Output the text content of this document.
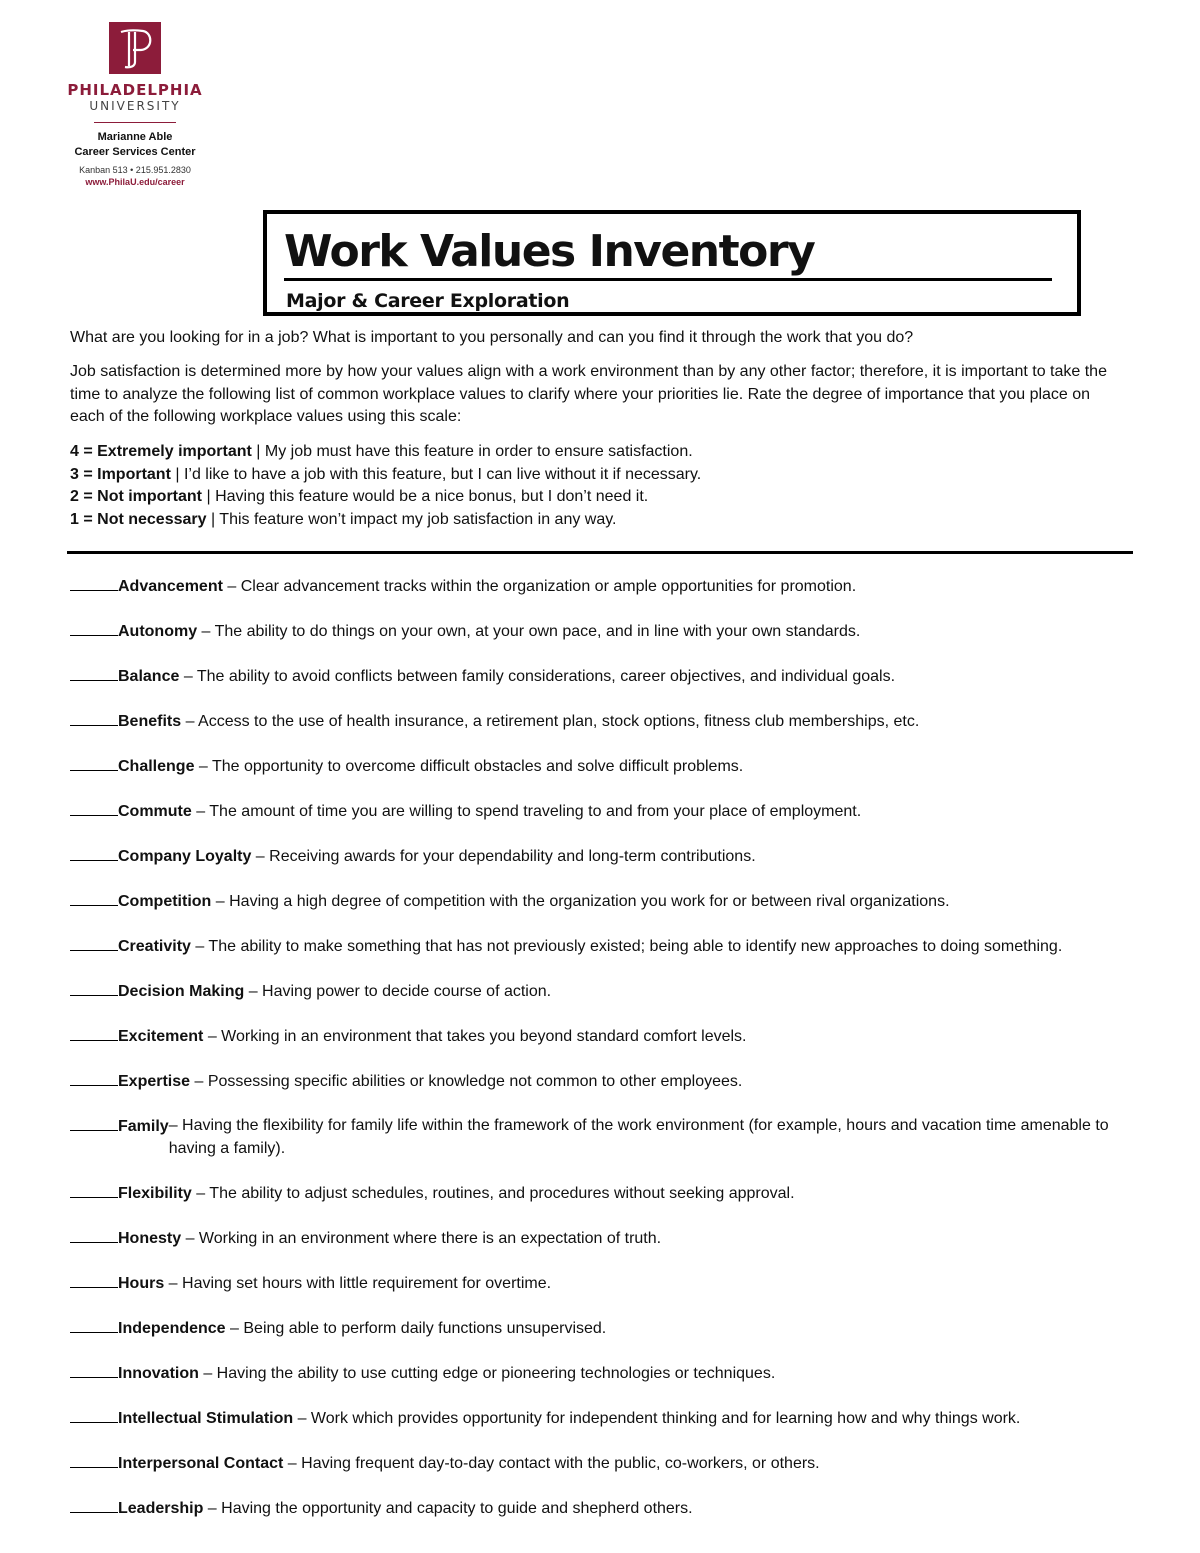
PHILADELPHIA
UNIVERSITY
Marianne Able
Career Services Center
Kanban 513 • 215.951.2830
www.PhilaU.edu/career
Work Values Inventory
Major & Career Exploration
What are you looking for in a job? What is important to you personally and can you find it through the work that you do?
Job satisfaction is determined more by how your values align with a work environment than by any other factor; therefore, it is important to take the time to analyze the following list of common workplace values to clarify where your priorities lie. Rate the degree of importance that you place on each of the following workplace values using this scale:
4 = Extremely important | My job must have this feature in order to ensure satisfaction.
3 = Important | I’d like to have a job with this feature, but I can live without it if necessary.
2 = Not important | Having this feature would be a nice bonus, but I don’t need it.
1 = Not necessary | This feature won’t impact my job satisfaction in any way.
Advancement – Clear advancement tracks within the organization or ample opportunities for promotion.
Autonomy – The ability to do things on your own, at your own pace, and in line with your own standards.
Balance – The ability to avoid conflicts between family considerations, career objectives, and individual goals.
Benefits – Access to the use of health insurance, a retirement plan, stock options, fitness club memberships, etc.
Challenge – The opportunity to overcome difficult obstacles and solve difficult problems.
Commute – The amount of time you are willing to spend traveling to and from your place of employment.
Company Loyalty – Receiving awards for your dependability and long-term contributions.
Competition – Having a high degree of competition with the organization you work for or between rival organizations.
Creativity – The ability to make something that has not previously existed; being able to identify new approaches to doing something.
Decision Making – Having power to decide course of action.
Excitement – Working in an environment that takes you beyond standard comfort levels.
Expertise – Possessing specific abilities or knowledge not common to other employees.
Family– Having the flexibility for family life within the framework of the work environment (for example, hours and vacation time amenable to having a family).
Flexibility – The ability to adjust schedules, routines, and procedures without seeking approval.
Honesty – Working in an environment where there is an expectation of truth.
Hours – Having set hours with little requirement for overtime.
Independence – Being able to perform daily functions unsupervised.
Innovation – Having the ability to use cutting edge or pioneering technologies or techniques.
Intellectual Stimulation – Work which provides opportunity for independent thinking and for learning how and why things work.
Interpersonal Contact – Having frequent day-to-day contact with the public, co-workers, or others.
Leadership – Having the opportunity and capacity to guide and shepherd others.
